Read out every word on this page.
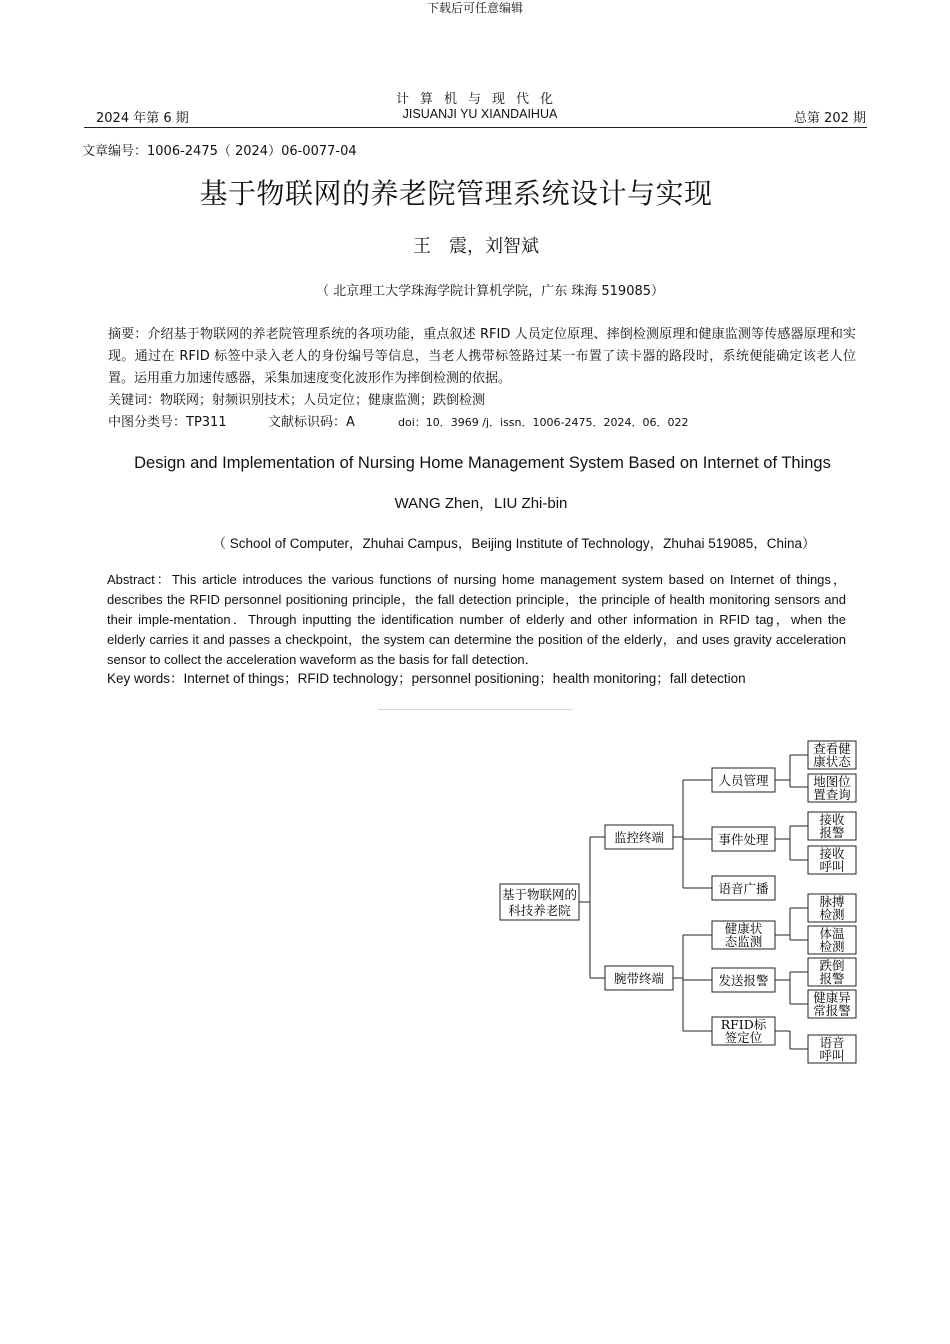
下载后可任意编辑
计算机与现代化
2024 年第 6 期	JISUANJI YU XIANDAIHUA	总第 202 期
文章编号：1006-2475（ 2024）06-0077-04
基于物联网的养老院管理系统设计与实现
王　震，刘智斌
（ 北京理工大学珠海学院计算机学院，广东 珠海 519085）
摘要：介绍基于物联网的养老院管理系统的各项功能，重点叙述 RFID 人员定位原理、摔倒检测原理和健康监测等传感器原理和实现。通过在 RFID 标签中录入老人的身份编号等信息，当老人携带标签路过某一布置了读卡器的路段时，系统便能确定该老人位置。运用重力加速传感器，采集加速度变化波形作为摔倒检测的依据。
关键词：物联网；射频识别技术；人员定位；健康监测；跌倒检测
中图分类号：TP311	文献标识码：A	doi：10．3969 /j．issn．1006-2475．2024．06．022
Design and Implementation of Nursing Home Management System Based on Internet of Things
WANG Zhen，LIU Zhi-bin
（ School of Computer，Zhuhai Campus，Beijing Institute of Technology，Zhuhai 519085，China）
Abstract：This article introduces the various functions of nursing home management system based on Internet of things，describes the RFID personnel positioning principle，the fall detection principle，the principle of health monitoring sensors and their imple-mentation．Through inputting the identification number of elderly and other information in RFID tag，when the elderly carries it and passes a checkpoint，the system can determine the position of the elderly，and uses gravity acceleration sensor to collect the acceleration waveform as the basis for fall detection．
Key words：Internet of things；RFID technology；personnel positioning；health monitoring；fall detection
基于物联网的
科技养老院
监控终端
腕带终端
人员管理
事件处理
语音广播
健康状
态监测
发送报警
RFID标
签定位
查看健
康状态
地图位
置查询
接收
报警
接收
呼叫
脉搏
检测
体温
检测
跌倒
报警
健康异
常报警
语音
呼叫
